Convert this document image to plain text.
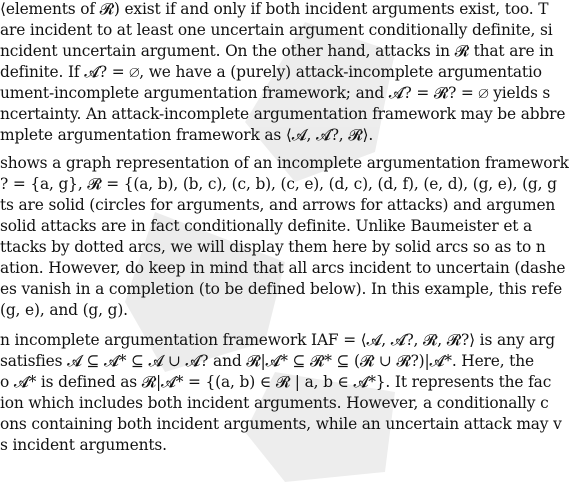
⟨elements of 𝓡) exist if and only if both incident arguments exist, too. T
are incident to at least one uncertain argument conditionally definite, si
ncident uncertain argument. On the other hand, attacks in 𝓡 that are in
definite. If 𝓐? = ∅, we have a (purely) attack-incomplete argumentatio
ument-incomplete argumentation framework; and 𝓐? = 𝓡? = ∅ yields s
ncertainty. An attack-incomplete argumentation framework may be abbre
mplete argumentation framework as ⟨𝓐, 𝓐?, 𝓡⟩.
shows a graph representation of an incomplete argumentation framework
? = {a, g}, 𝓡 = {(a, b), (b, c), (c, b), (c, e), (d, c), (d, f), (e, d), (g, e), (g, g
ts are solid (circles for arguments, and arrows for attacks) and argumen
solid attacks are in fact conditionally definite. Unlike Baumeister et a
ttacks by dotted arcs, we will display them here by solid arcs so as to n
ation. However, do keep in mind that all arcs incident to uncertain (dashe
es vanish in a completion (to be defined below). In this example, this refe
(g, e), and (g, g).
n incomplete argumentation framework IAF = ⟨𝓐, 𝓐?, 𝓡, 𝓡?⟩ is any arg
satisfies 𝓐 ⊆ 𝓐* ⊆ 𝓐 ∪ 𝓐? and 𝓡|𝓐* ⊆ 𝓡* ⊆ (𝓡 ∪ 𝓡?)|𝓐*. Here, the
o 𝓐* is defined as 𝓡|𝓐* = {(a, b) ∈ 𝓡 | a, b ∈ 𝓐*}. It represents the fac
ion which includes both incident arguments. However, a conditionally c
ons containing both incident arguments, while an uncertain attack may v
s incident arguments.
